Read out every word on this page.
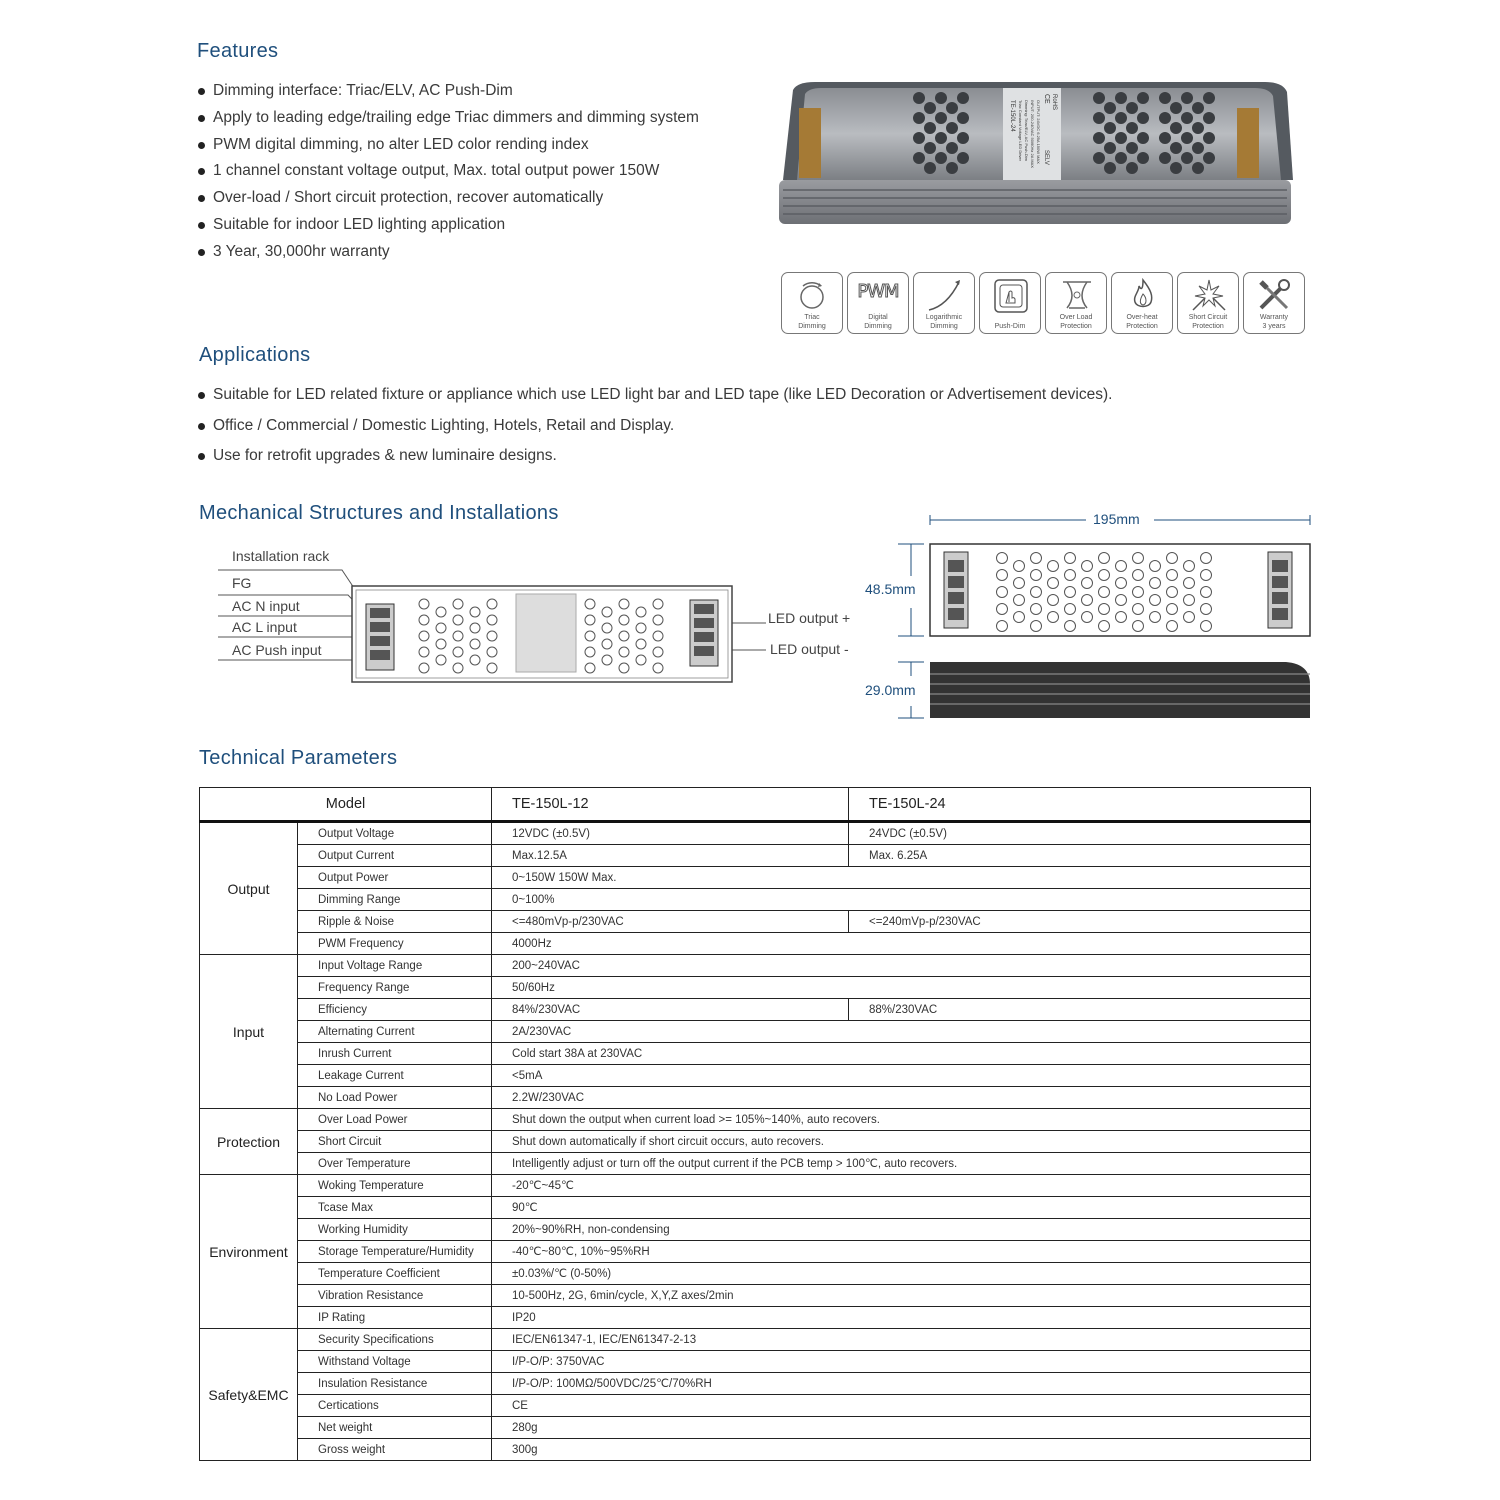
Features
Dimming interface: Triac/ELV, AC Push-Dim
Apply to leading edge/trailing edge Triac dimmers and dimming system
PWM digital dimming, no alter LED color rending index
1 channel constant voltage output, Max. total output power 150W
Over-load / Short circuit protection, recover automatically
Suitable for indoor LED lighting application
3 Year, 30,000hr warranty
TE-150L-24 Triac Constant Voltage LED Driver Dimming: Triac/ELV, AC Push-Dim INPUT: 200-240VAC 50/60Hz 2A MAX OUTPUT: 24VDC 6.25A 150W MAX
CE RoHS
SELV
Triac
Dimming
PWM
Digital
Dimming
Logarithmic
Dimming	Push-Dim
Over Load
Protection
Over-heat
Protection
Short Circuit
Protection
Warranty
3 years
Applications
Suitable for LED related fixture or appliance which use LED light bar and LED tape (like LED Decoration or Advertisement devices).
Office / Commercial / Domestic Lighting, Hotels, Retail and Display.
Use for retrofit upgrades & new luminaire designs.
Mechanical Structures and Installations
Installation rack
FG
AC N input
AC L input
AC Push input
LED output +
LED output -
195mm
48.5mm
29.0mm
Technical Parameters
Model		TE-150L-12	TE-150L-24
Output	Output Voltage	12VDC (±0.5V)	24VDC (±0.5V)
	Output Current	Max.12.5A	Max. 6.25A
	Output Power	0~150W 150W Max.	
	Dimming Range	0~100%	
	Ripple & Noise	<=480mVp-p/230VAC	<=240mVp-p/230VAC
	PWM Frequency	4000Hz	
Input	Input Voltage Range	200~240VAC	
	Frequency Range	50/60Hz	
	Efficiency	84%/230VAC	88%/230VAC
	Alternating Current	2A/230VAC	
	Inrush Current	Cold start 38A at 230VAC	
	Leakage Current	<5mA	
	No Load Power	2.2W/230VAC	
Protection	Over Load Power	Shut down the output when current load >= 105%~140%, auto recovers.	
	Short Circuit	Shut down automatically if short circuit occurs, auto recovers.	
	Over Temperature	Intelligently adjust or turn off the output current if the PCB temp > 100℃, auto recovers.	
Environment	Woking Temperature	-20℃~45℃	
	Tcase Max	90℃	
	Working Humidity	20%~90%RH, non-condensing	
	Storage Temperature/Humidity	-40℃~80℃, 10%~95%RH	
	Temperature Coefficient	±0.03%/℃ (0-50%)	
	Vibration Resistance	10-500Hz, 2G, 6min/cycle, X,Y,Z axes/2min	
	IP Rating	IP20	
Safety&EMC	Security Specifications	IEC/EN61347-1, IEC/EN61347-2-13	
	Withstand Voltage	I/P-O/P: 3750VAC	
	Insulation Resistance	I/P-O/P: 100MΩ/500VDC/25℃/70%RH	
	Certications	CE	
	Net weight	280g	
	Gross weight	300g	
